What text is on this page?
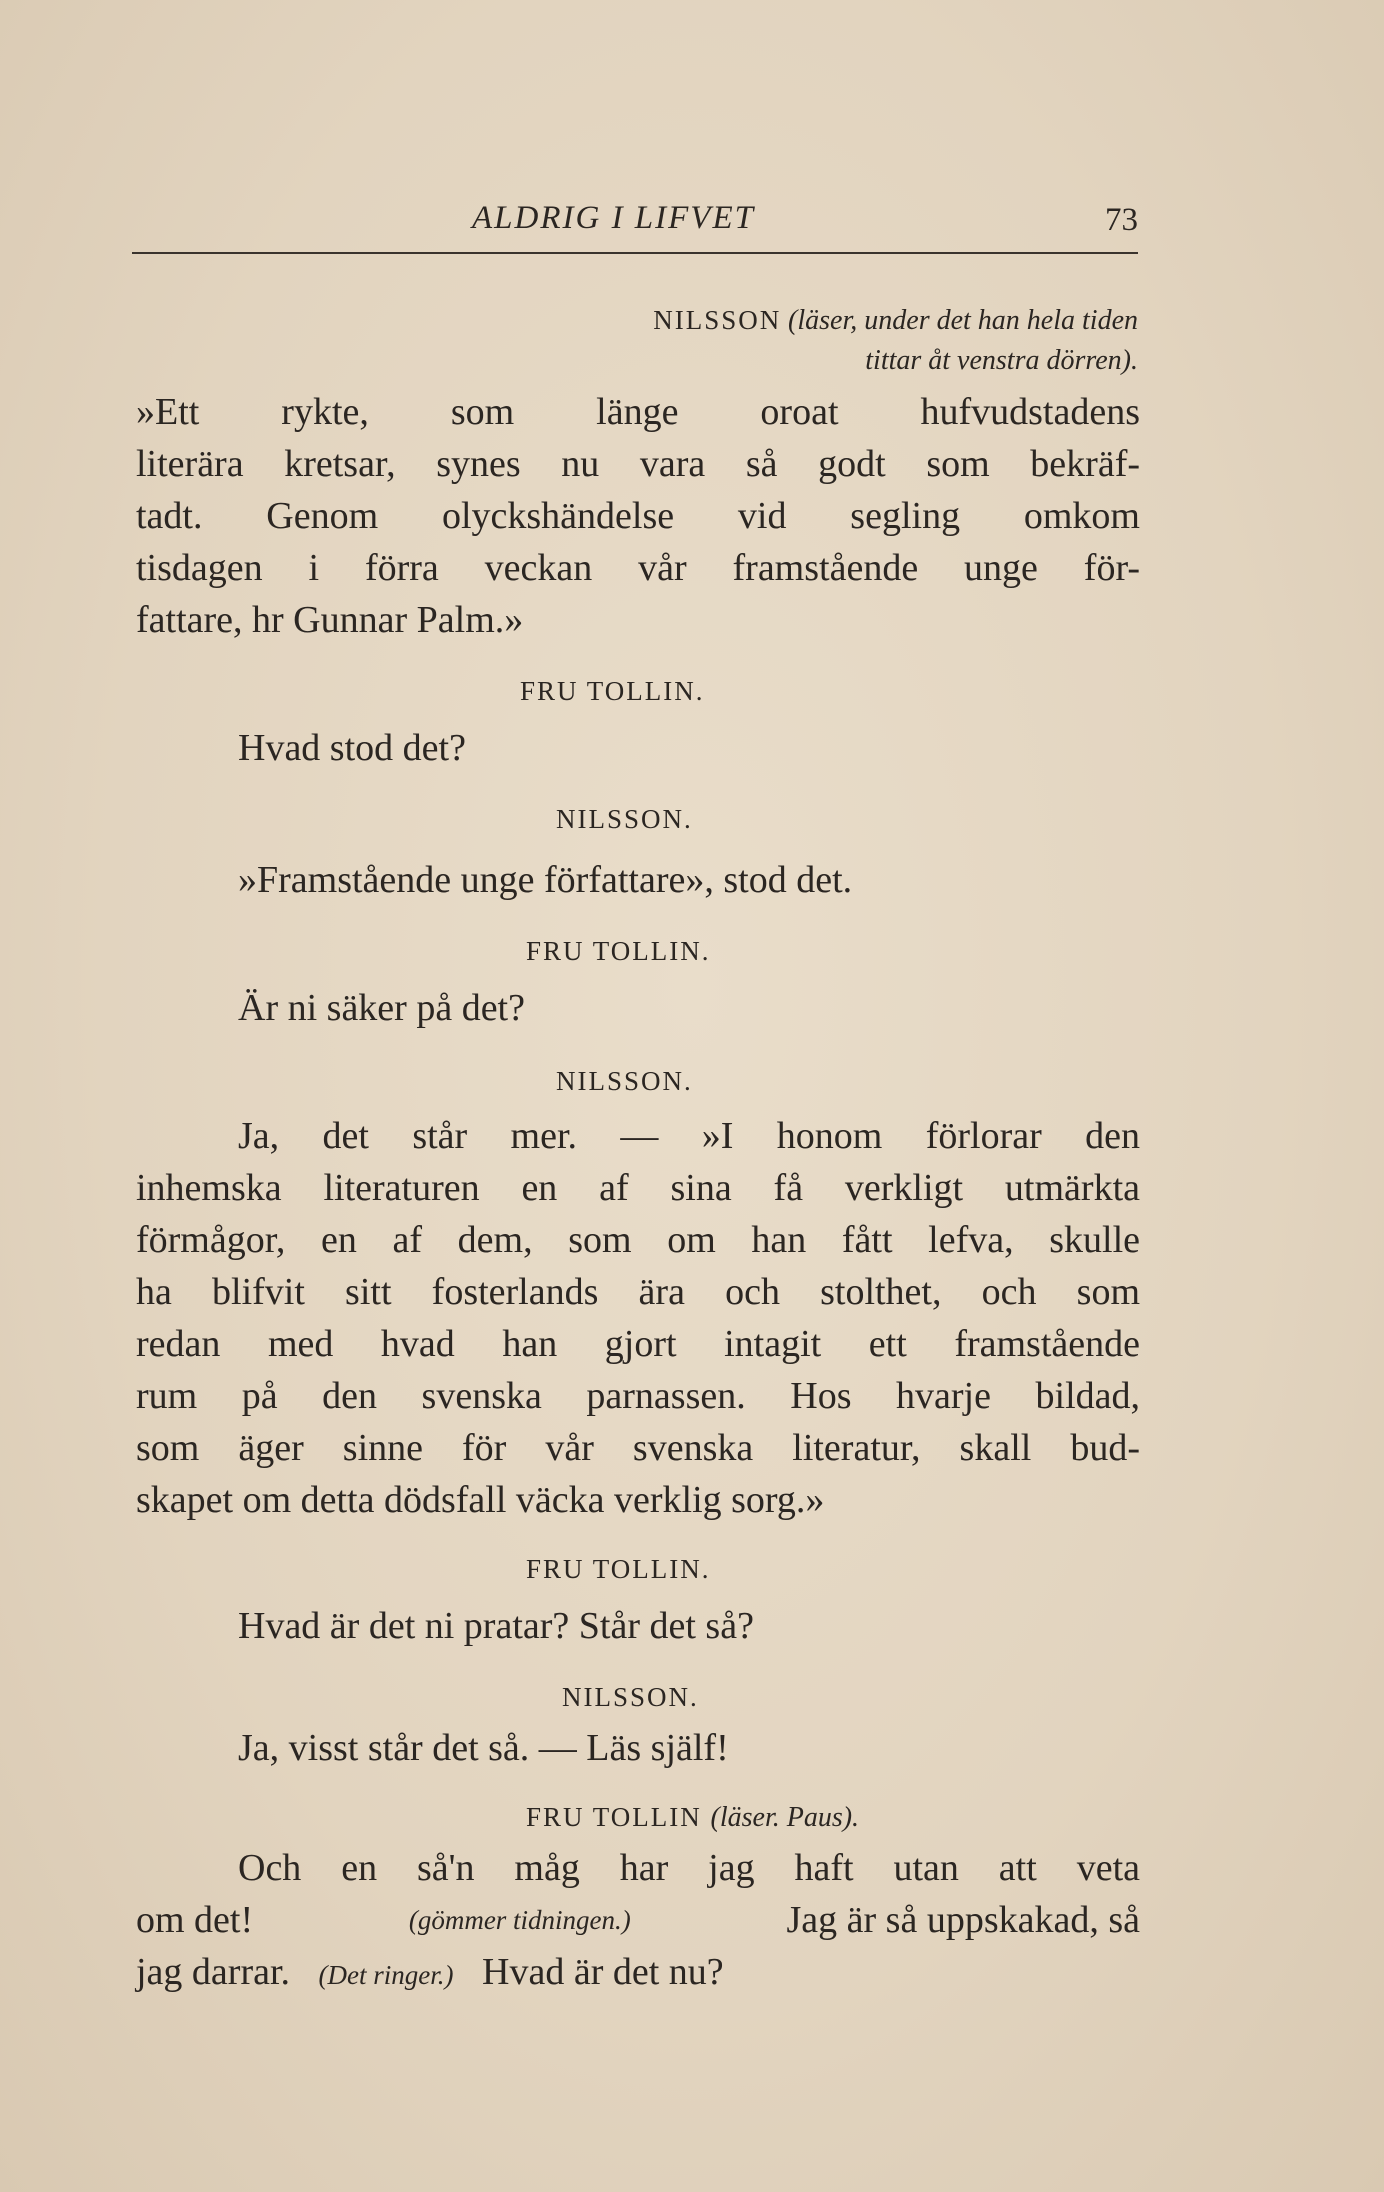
ALDRIG I LIFVET	73
NILSSON (läser, under det han hela tiden
tittar åt venstra dörren).
»Ett rykte, som länge oroat hufvudstadens
literära kretsar, synes nu vara så godt som bekräf-
tadt. Genom olyckshändelse vid segling omkom
tisdagen i förra veckan vår framstående unge för-
fattare, hr Gunnar Palm.»
FRU TOLLIN.
Hvad stod det?
NILSSON.
»Framstående unge författare», stod det.
FRU TOLLIN.
Är ni säker på det?
NILSSON.
Ja, det står mer. — »I honom förlorar den
inhemska literaturen en af sina få verkligt utmärkta
förmågor, en af dem, som om han fått lefva, skulle
ha blifvit sitt fosterlands ära och stolthet, och som
redan med hvad han gjort intagit ett framstående
rum på den svenska parnassen. Hos hvarje bildad,
som äger sinne för vår svenska literatur, skall bud-
skapet om detta dödsfall väcka verklig sorg.»
FRU TOLLIN.
Hvad är det ni pratar? Står det så?
NILSSON.
Ja, visst står det så. — Läs själf!
FRU TOLLIN (läser. Paus).
Och en så'n måg har jag haft utan att veta
om det!	(gömmer tidningen.)	Jag är så uppskakad, så
jag darrar. (Det ringer.) Hvad är det nu?
